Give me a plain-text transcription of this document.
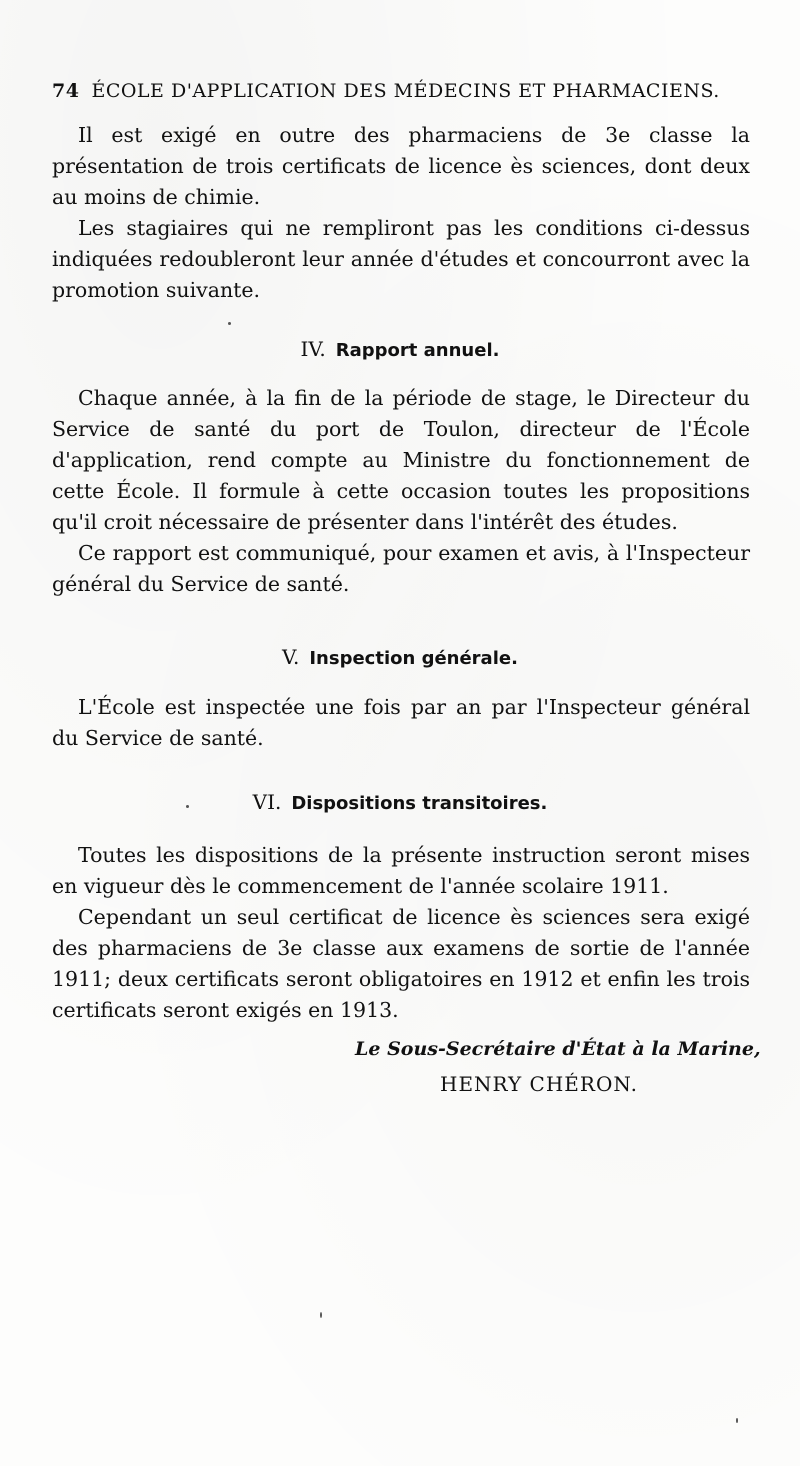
74 ÉCOLE D'APPLICATION DES MÉDECINS ET PHARMACIENS.

Il est exigé en outre des pharmaciens de 3e classe la présentation de trois certificats de licence ès sciences, dont deux au moins de chimie.

Les stagiaires qui ne rempliront pas les conditions ci-dessus indiquées redoubleront leur année d'études et concourront avec la promotion suivante.

IV. Rapport annuel.

Chaque année, à la fin de la période de stage, le Directeur du Service de santé du port de Toulon, directeur de l'École d'application, rend compte au Ministre du fonctionnement de cette École. Il formule à cette occasion toutes les propositions qu'il croit nécessaire de présenter dans l'intérêt des études.

Ce rapport est communiqué, pour examen et avis, à l'Inspecteur général du Service de santé.

V. Inspection générale.

L'École est inspectée une fois par an par l'Inspecteur général du Service de santé.

VI. Dispositions transitoires.

Toutes les dispositions de la présente instruction seront mises en vigueur dès le commencement de l'année scolaire 1911.

Cependant un seul certificat de licence ès sciences sera exigé des pharmaciens de 3e classe aux examens de sortie de l'année 1911; deux certificats seront obligatoires en 1912 et enfin les trois certificats seront exigés en 1913.

Le Sous-Secrétaire d'État à la Marine,
HENRY CHÉRON.
